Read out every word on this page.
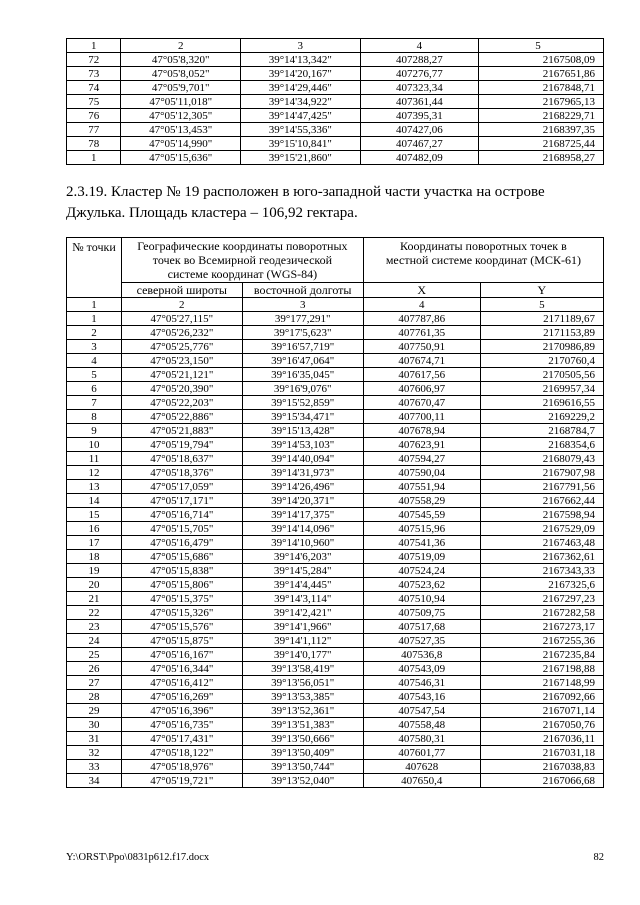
1	2	3	4	5
72	47°05'8,320"	39°14'13,342"	407288,27	2167508,09
73	47°05'8,052"	39°14'20,167"	407276,77	2167651,86
74	47°05'9,701"	39°14'29,446"	407323,34	2167848,71
75	47°05'11,018"	39°14'34,922"	407361,44	2167965,13
76	47°05'12,305"	39°14'47,425"	407395,31	2168229,71
77	47°05'13,453"	39°14'55,336"	407427,06	2168397,35
78	47°05'14,990"	39°15'10,841"	407467,27	2168725,44
1	47°05'15,636"	39°15'21,860"	407482,09	2168958,27
2.3.19. Кластер № 19 расположен в юго-западной части участка на острове Джулька. Площадь кластера – 106,92 гектара.
№ точки	Географические координаты поворотных точек во Всемирной геодезической системе координат (WGS-84)		Координаты поворотных точек в местной системе координат (МСК-61)	
	северной широты	восточной долготы	X	Y
1	2	3	4	5
1	47°05'27,115"	39°177,291"	407787,86	2171189,67
2	47°05'26,232"	39°17'5,623"	407761,35	2171153,89
3	47°05'25,776"	39°16'57,719"	407750,91	2170986,89
4	47°05'23,150"	39°16'47,064"	407674,71	2170760,4
5	47°05'21,121"	39°16'35,045"	407617,56	2170505,56
6	47°05'20,390"	39°16'9,076"	407606,97	2169957,34
7	47°05'22,203"	39°15'52,859"	407670,47	2169616,55
8	47°05'22,886"	39°15'34,471"	407700,11	2169229,2
9	47°05'21,883"	39°15'13,428"	407678,94	2168784,7
10	47°05'19,794"	39°14'53,103"	407623,91	2168354,6
11	47°05'18,637"	39°14'40,094"	407594,27	2168079,43
12	47°05'18,376"	39°14'31,973"	407590,04	2167907,98
13	47°05'17,059"	39°14'26,496"	407551,94	2167791,56
14	47°05'17,171"	39°14'20,371"	407558,29	2167662,44
15	47°05'16,714"	39°14'17,375"	407545,59	2167598,94
16	47°05'15,705"	39°14'14,096"	407515,96	2167529,09
17	47°05'16,479"	39°14'10,960"	407541,36	2167463,48
18	47°05'15,686"	39°14'6,203"	407519,09	2167362,61
19	47°05'15,838"	39°14'5,284"	407524,24	2167343,33
20	47°05'15,806"	39°14'4,445"	407523,62	2167325,6
21	47°05'15,375"	39°14'3,114"	407510,94	2167297,23
22	47°05'15,326"	39°14'2,421"	407509,75	2167282,58
23	47°05'15,576"	39°14'1,966"	407517,68	2167273,17
24	47°05'15,875"	39°14'1,112"	407527,35	2167255,36
25	47°05'16,167"	39°14'0,177"	407536,8	2167235,84
26	47°05'16,344"	39°13'58,419"	407543,09	2167198,88
27	47°05'16,412"	39°13'56,051"	407546,31	2167148,99
28	47°05'16,269"	39°13'53,385"	407543,16	2167092,66
29	47°05'16,396"	39°13'52,361"	407547,54	2167071,14
30	47°05'16,735"	39°13'51,383"	407558,48	2167050,76
31	47°05'17,431"	39°13'50,666"	407580,31	2167036,11
32	47°05'18,122"	39°13'50,409"	407601,77	2167031,18
33	47°05'18,976"	39°13'50,744"	407628	2167038,83
34	47°05'19,721"	39°13'52,040"	407650,4	2167066,68
Y:\ORST\Ppo\0831p612.f17.docx	82
